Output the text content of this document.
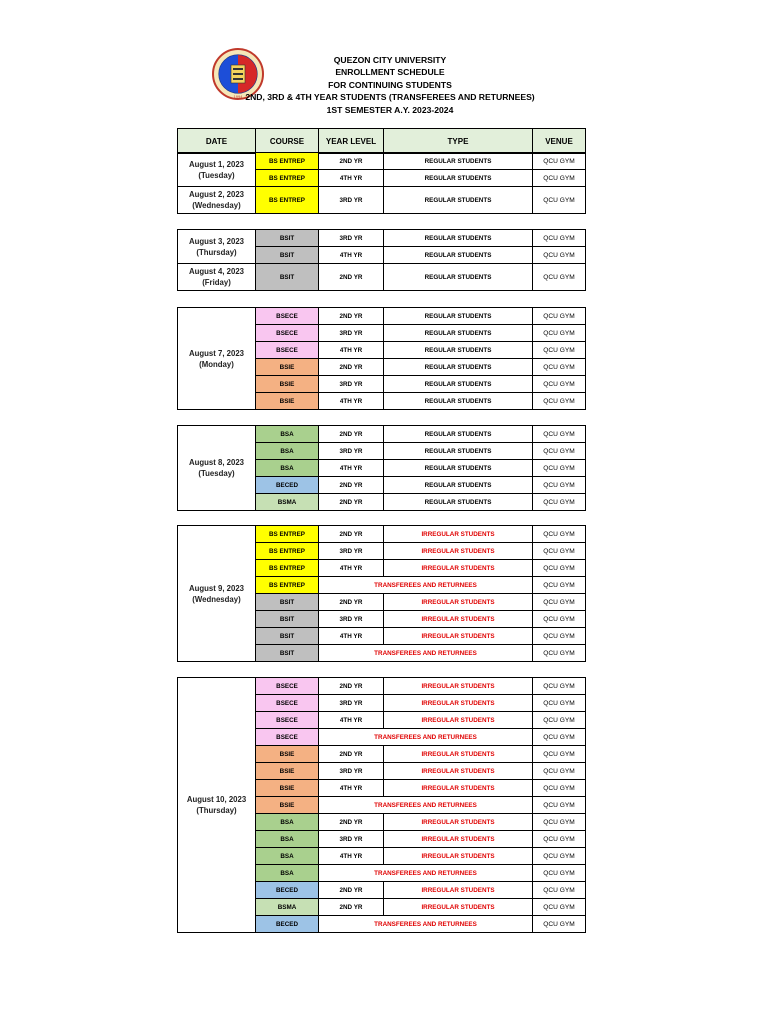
1994
QUEZON CITY UNIVERSITY
ENROLLMENT SCHEDULE
FOR CONTINUING STUDENTS
2ND, 3RD & 4TH YEAR STUDENTS (TRANSFEREES AND RETURNEES)
1ST SEMESTER A.Y. 2023-2024
DATE	COURSE	YEAR LEVEL	TYPE	VENUE
August 1, 2023
(Tuesday)	BS ENTREP	2ND YR	REGULAR STUDENTS	QCU GYM
	BS ENTREP	4TH YR	REGULAR STUDENTS	QCU GYM

August 2, 2023
(Wednesday)	BS ENTREP	3RD YR	REGULAR STUDENTS	QCU GYM
August 3, 2023
(Thursday)	BSIT	3RD YR	REGULAR STUDENTS	QCU GYM
	BSIT	4TH YR	REGULAR STUDENTS	QCU GYM

August 4, 2023
(Friday)	BSIT	2ND YR	REGULAR STUDENTS	QCU GYM
August 7, 2023
(Monday)	BSECE	2ND YR	REGULAR STUDENTS	QCU GYM
	BSECE	3RD YR	REGULAR STUDENTS	QCU GYM
	BSECE	4TH YR	REGULAR STUDENTS	QCU GYM
	BSIE	2ND YR	REGULAR STUDENTS	QCU GYM
	BSIE	3RD YR	REGULAR STUDENTS	QCU GYM
	BSIE	4TH YR	REGULAR STUDENTS	QCU GYM
August 8, 2023
(Tuesday)	BSA	2ND YR	REGULAR STUDENTS	QCU GYM
	BSA	3RD YR	REGULAR STUDENTS	QCU GYM
	BSA	4TH YR	REGULAR STUDENTS	QCU GYM
	BECED	2ND YR	REGULAR STUDENTS	QCU GYM
	BSMA	2ND YR	REGULAR STUDENTS	QCU GYM
August 9, 2023
(Wednesday)	BS ENTREP	2ND YR	IRREGULAR STUDENTS	QCU GYM
	BS ENTREP	3RD YR	IRREGULAR STUDENTS	QCU GYM
	BS ENTREP	4TH YR	IRREGULAR STUDENTS	QCU GYM
	BS ENTREP	TRANSFEREES AND RETURNEES		QCU GYM
	BSIT	2ND YR	IRREGULAR STUDENTS	QCU GYM
	BSIT	3RD YR	IRREGULAR STUDENTS	QCU GYM
	BSIT	4TH YR	IRREGULAR STUDENTS	QCU GYM
	BSIT	TRANSFEREES AND RETURNEES		QCU GYM
August 10, 2023
(Thursday)	BSECE	2ND YR	IRREGULAR STUDENTS	QCU GYM
	BSECE	3RD YR	IRREGULAR STUDENTS	QCU GYM
	BSECE	4TH YR	IRREGULAR STUDENTS	QCU GYM
	BSECE	TRANSFEREES AND RETURNEES		QCU GYM
	BSIE	2ND YR	IRREGULAR STUDENTS	QCU GYM
	BSIE	3RD YR	IRREGULAR STUDENTS	QCU GYM
	BSIE	4TH YR	IRREGULAR STUDENTS	QCU GYM
	BSIE	TRANSFEREES AND RETURNEES		QCU GYM
	BSA	2ND YR	IRREGULAR STUDENTS	QCU GYM
	BSA	3RD YR	IRREGULAR STUDENTS	QCU GYM
	BSA	4TH YR	IRREGULAR STUDENTS	QCU GYM
	BSA	TRANSFEREES AND RETURNEES		QCU GYM
	BECED	2ND YR	IRREGULAR STUDENTS	QCU GYM
	BSMA	2ND YR	IRREGULAR STUDENTS	QCU GYM
	BECED	TRANSFEREES AND RETURNEES		QCU GYM
